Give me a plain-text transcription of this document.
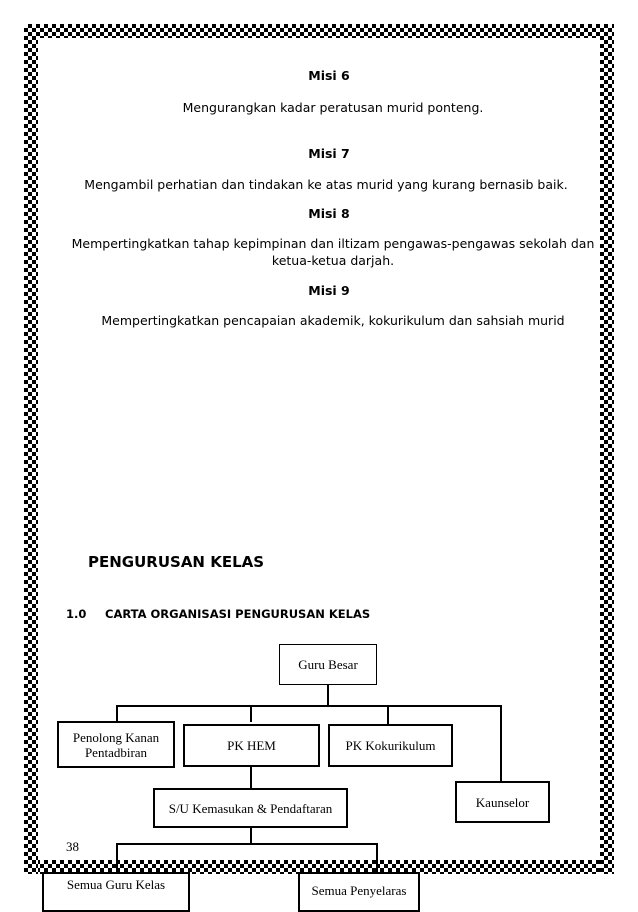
Misi 6
Mengurangkan kadar peratusan murid ponteng.
Misi 7
Mengambil perhatian dan tindakan ke atas murid yang kurang bernasib baik.
Misi 8
Mempertingkatkan tahap kepimpinan dan iltizam pengawas-pengawas sekolah dan
ketua-ketua darjah.
Misi 9
Mempertingkatkan pencapaian akademik, kokurikulum dan sahsiah murid
PENGURUSAN KELAS
1.0 CARTA ORGANISASI PENGURUSAN KELAS
Guru Besar
Penolong Kanan
Pentadbiran	PK HEM	PK Kokurikulum
Kaunselor
S/U Kemasukan & Pendaftaran
Semua Guru Kelas	Semua Penyelaras
38
